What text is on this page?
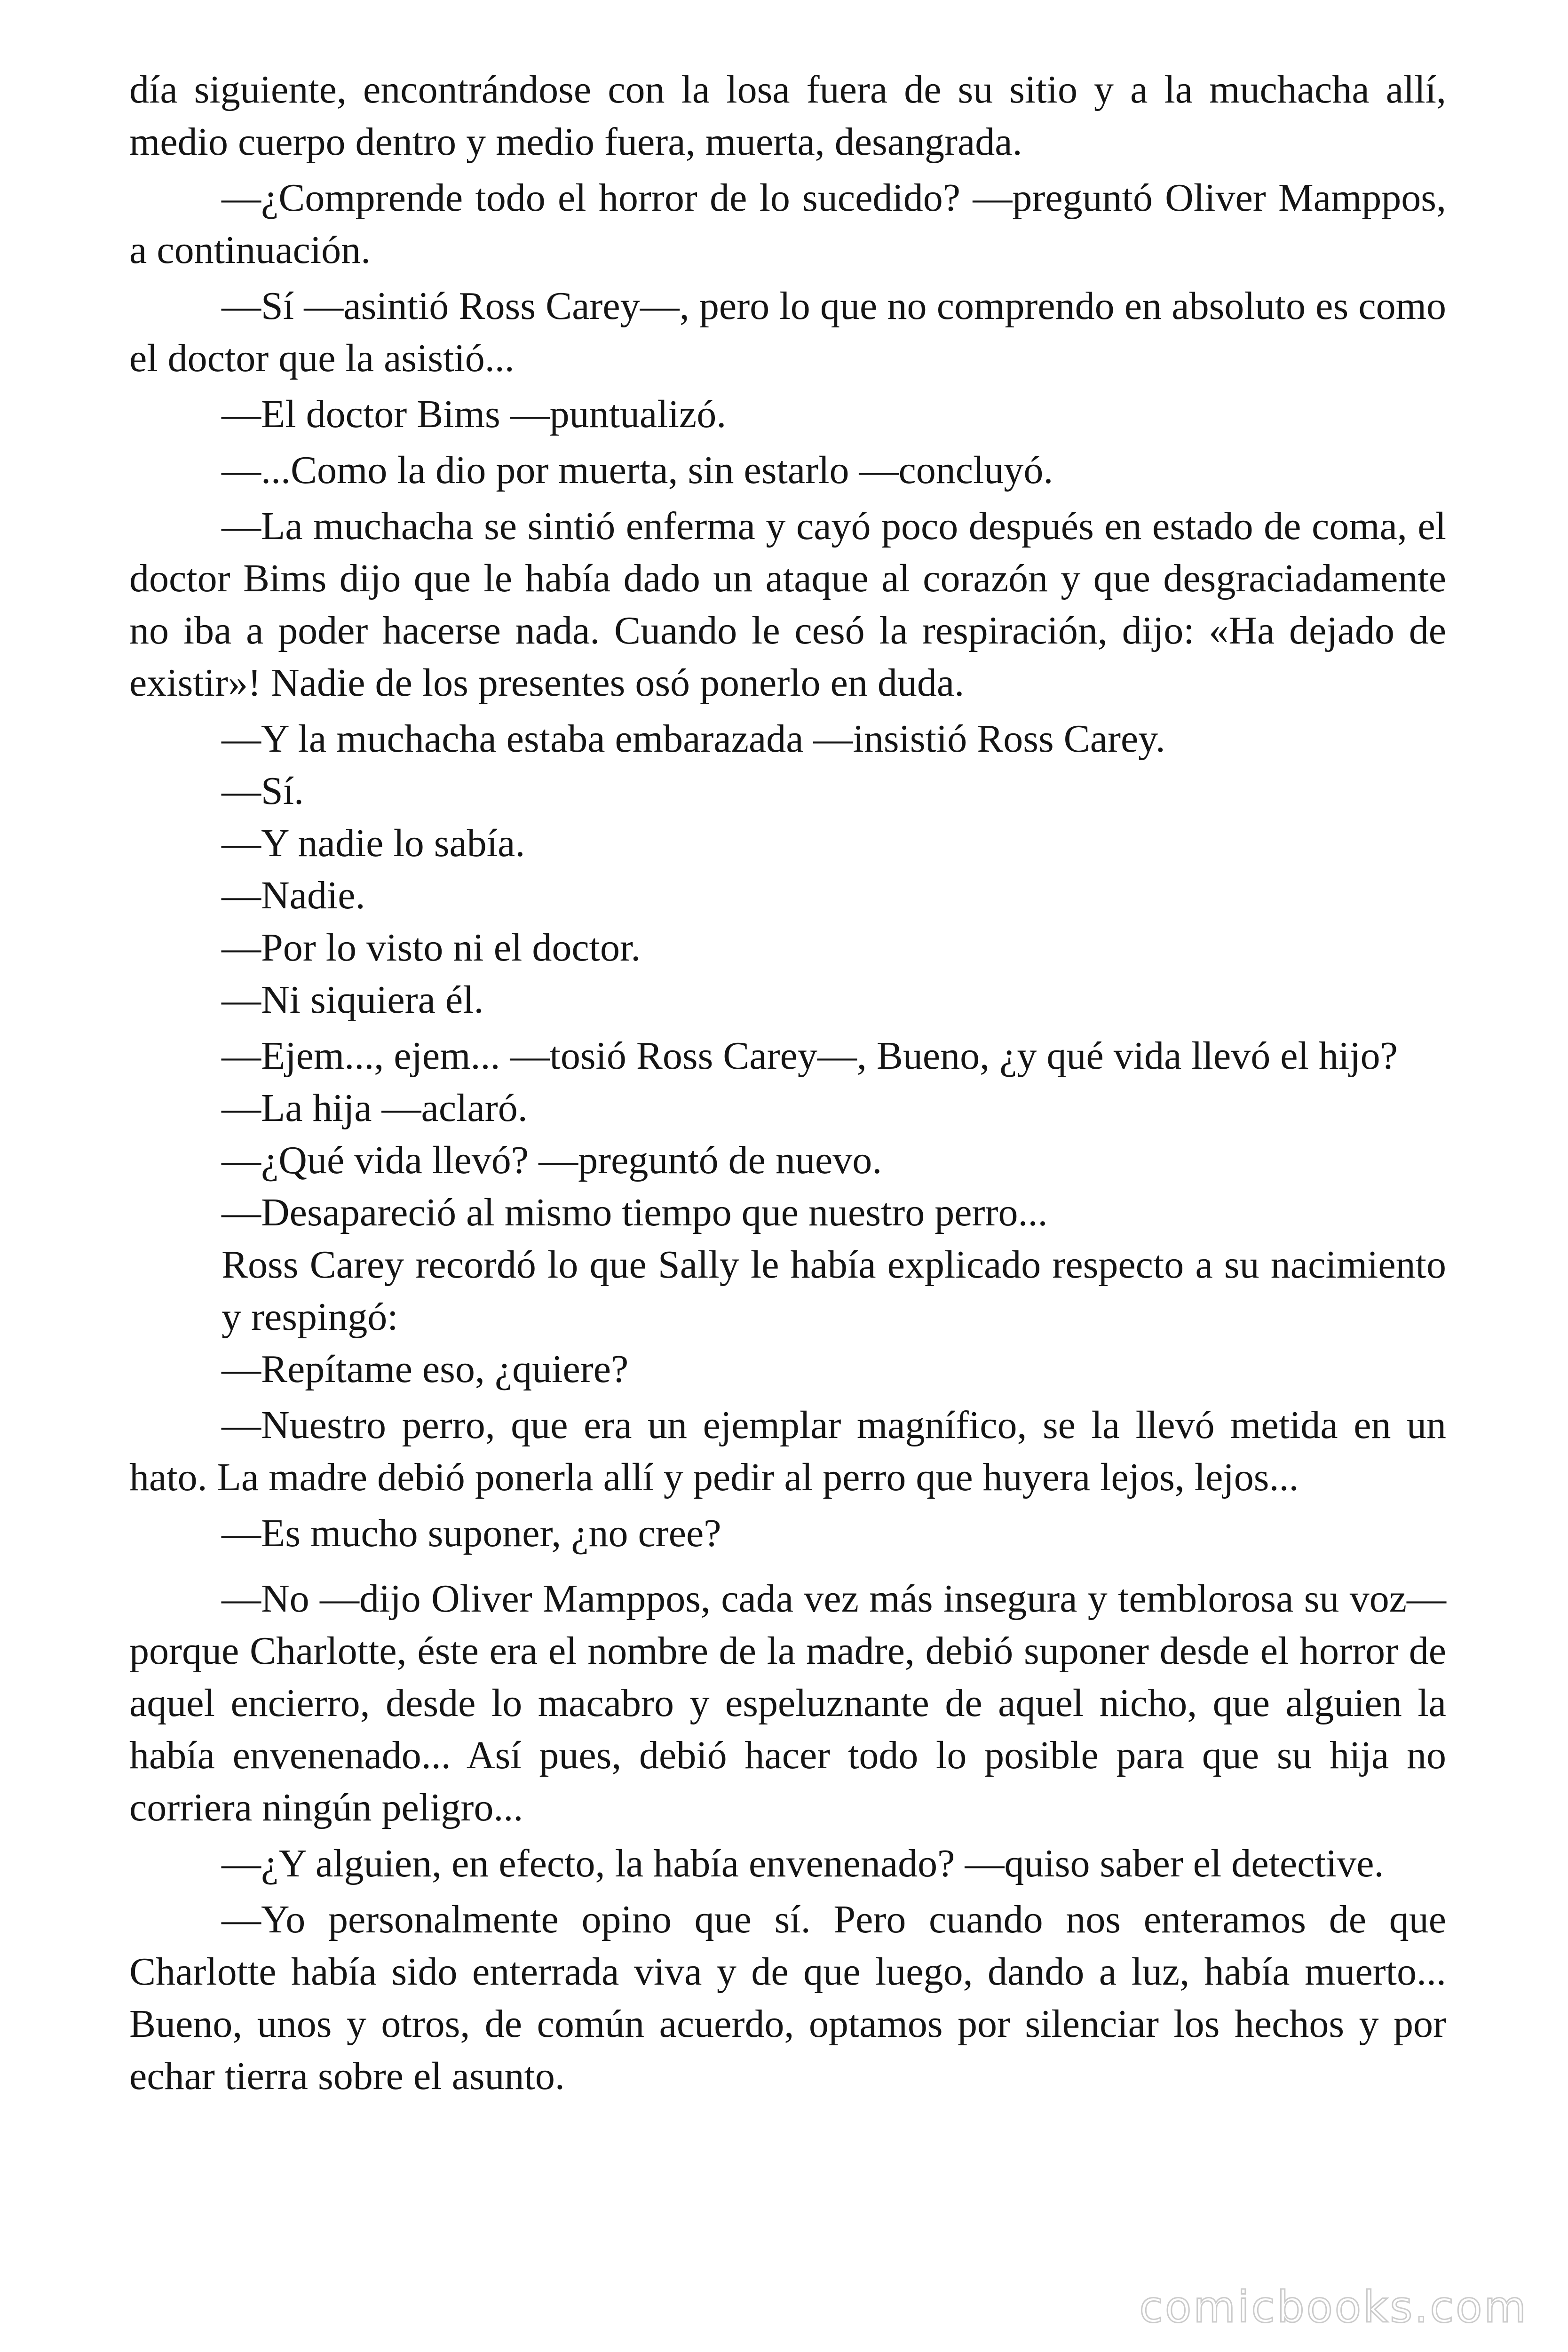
día siguiente, encontrándose con la losa fuera de su sitio y a la muchacha allí, medio cuerpo dentro y medio fuera, muerta, desangrada.

—¿Comprende todo el horror de lo sucedido? —preguntó Oliver Mamppos, a continuación.

—Sí —asintió Ross Carey—, pero lo que no comprendo en absoluto es como el doctor que la asistió...

—El doctor Bims —puntualizó.

—...Como la dio por muerta, sin estarlo —concluyó.

—La muchacha se sintió enferma y cayó poco después en estado de coma, el doctor Bims dijo que le había dado un ataque al corazón y que desgraciadamente no iba a poder hacerse nada. Cuando le cesó la respiración, dijo: «Ha dejado de existir»! Nadie de los presentes osó ponerlo en duda.

—Y la muchacha estaba embarazada —insistió Ross Carey.

—Sí.

—Y nadie lo sabía.

—Nadie.

—Por lo visto ni el doctor.

—Ni siquiera él.

—Ejem..., ejem... —tosió Ross Carey—, Bueno, ¿y qué vida llevó el hijo?

—La hija —aclaró.

—¿Qué vida llevó? —preguntó de nuevo.

—Desapareció al mismo tiempo que nuestro perro...

Ross Carey recordó lo que Sally le había explicado respecto a su nacimiento y respingó:

—Repítame eso, ¿quiere?

—Nuestro perro, que era un ejemplar magnífico, se la llevó metida en un hato. La madre debió ponerla allí y pedir al perro que huyera lejos, lejos...

—Es mucho suponer, ¿no cree?

—No —dijo Oliver Mamppos, cada vez más insegura y temblorosa su voz— porque Charlotte, éste era el nombre de la madre, debió suponer desde el horror de aquel encierro, desde lo macabro y espeluznante de aquel nicho, que alguien la había envenenado... Así pues, debió hacer todo lo posible para que su hija no corriera ningún peligro...

—¿Y alguien, en efecto, la había envenenado? —quiso saber el detective.

—Yo personalmente opino que sí. Pero cuando nos enteramos de que Charlotte había sido enterrada viva y de que luego, dando a luz, había muerto... Bueno, unos y otros, de común acuerdo, optamos por silenciar los hechos y por echar tierra sobre el asunto.

comicbooks.com
